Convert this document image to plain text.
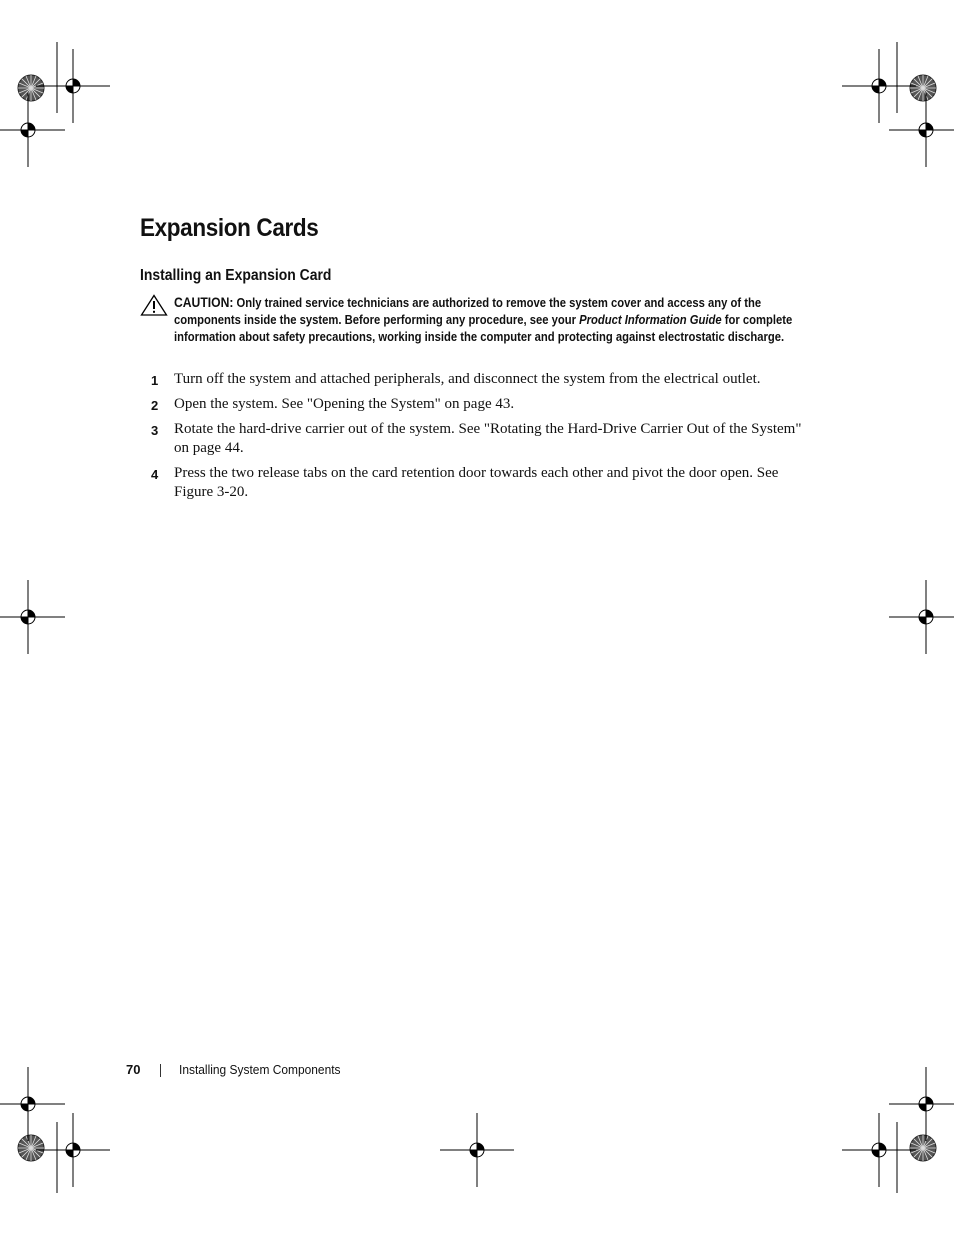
Expansion Cards
Installing an Expansion Card
CAUTION: Only trained service technicians are authorized to remove the system cover and access any of the components inside the system. Before performing any procedure, see your Product Information Guide for complete information about safety precautions, working inside the computer and protecting against electrostatic discharge.
1 Turn off the system and attached peripherals, and disconnect the system from the electrical outlet.
2 Open the system. See "Opening the System" on page 43.
3 Rotate the hard-drive carrier out of the system. See "Rotating the Hard-Drive Carrier Out of the System" on page 44.
4 Press the two release tabs on the card retention door towards each other and pivot the door open. See Figure 3-20.
70	Installing System Components
